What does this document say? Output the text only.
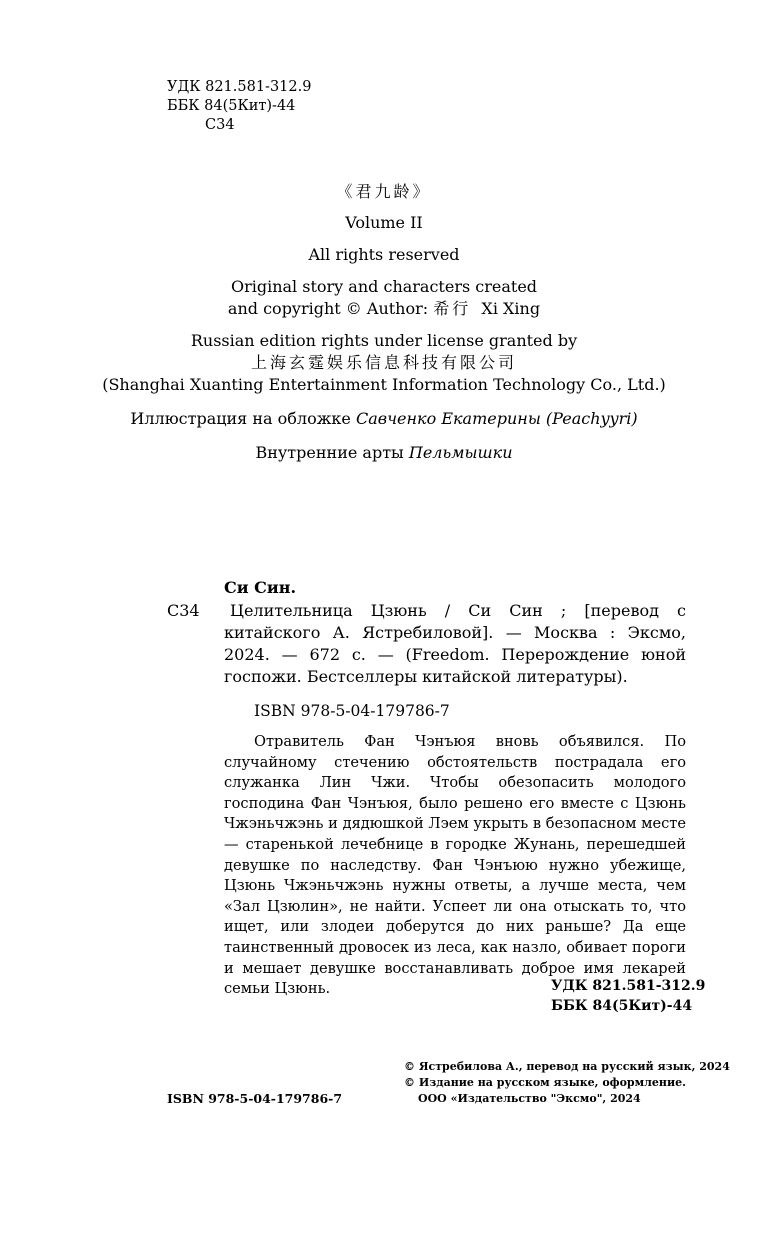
УДК 821.581-312.9
ББК 84(5Кит)-44
С34
《君九龄》
Volume II
All rights reserved
Original story and characters created
and copyright © Author: 希行 Xi Xing
Russian edition rights under license granted by
上海玄霆娱乐信息科技有限公司
(Shanghai Xuanting Entertainment Information Technology Co., Ltd.)
Иллюстрация на обложке Савченко Екатерины (Peachyyri)
Внутренние арты Пельмышки
Си Син.
С34	Целительница Цзюнь / Си Син ; [перевод с китайского А. Ястребиловой]. — Москва : Эксмо, 2024. — 672 с. — (Freedom. Перерождение юной госпожи. Бестселлеры китайской литературы).
ISBN 978-5-04-179786-7
Отравитель Фан Чэнъюя вновь объявился. По случайному стечению обстоятельств пострадала его служанка Лин Чжи. Чтобы обезопасить молодого господина Фан Чэнъюя, было решено его вместе с Цзюнь Чжэньчжэнь и дядюшкой Лэем укрыть в безопасном месте — старенькой лечебнице в городке Жунань, перешедшей девушке по наследству. Фан Чэнъюю нужно убежище, Цзюнь Чжэньчжэнь нужны ответы, а лучше места, чем «Зал Цзюлин», не найти. Успеет ли она отыскать то, что ищет, или злодеи доберутся до них раньше? Да еще таинственный дровосек из леса, как назло, обивает пороги и мешает девушке восстанавливать доброе имя лекарей семьи Цзюнь.	УДК 821.581-312.9
ББК 84(5Кит)-44
ISBN 978-5-04-179786-7
© Ястребилова А., перевод на русский язык, 2024
© Издание на русском языке, оформление.
ООО «Издательство "Эксмо", 2024
